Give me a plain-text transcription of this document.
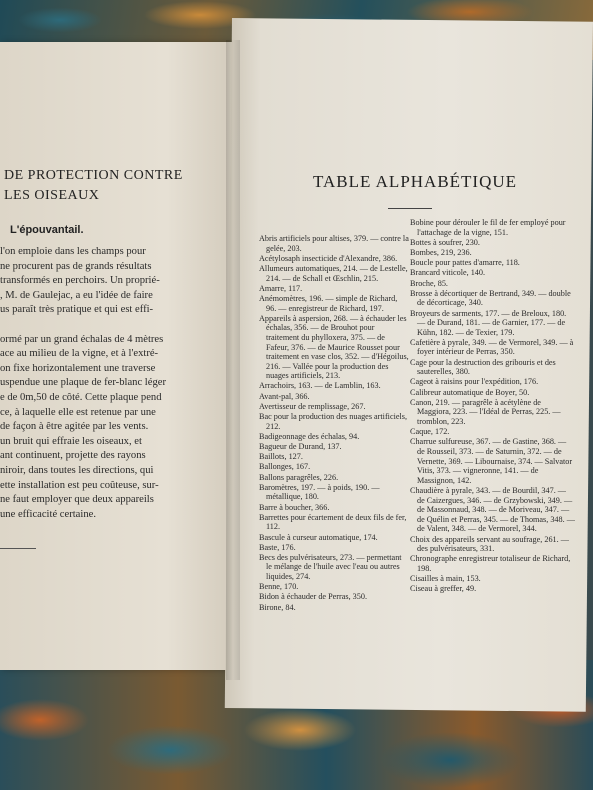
DE PROTECTION CONTRE
LES OISEAUX
L'épouvantail.
l'on emploie dans les champs pour
ne procurent pas de grands résultats
transformés en perchoirs. Un proprié-
, M. de Gaulejac, a eu l'idée de faire
us paraît très pratique et qui est effi-

ormé par un grand échalas de 4 mètres
ace au milieu de la vigne, et à l'extré-
on fixe horizontalement une traverse
uspendue une plaque de fer-blanc léger
e de 0m,50 de côté. Cette plaque pend
ce, à laquelle elle est retenue par une
de façon à être agitée par les vents.
un bruit qui effraie les oiseaux, et
ant continuent, projette des rayons
niroir, dans toutes les directions, qui
ette installation est peu coûteuse, sur-
ne faut employer que deux appareils
une efficacité certaine.
TABLE ALPHABÉTIQUE
Abris artificiels pour altises, 379. — contre la gelée, 203.
Acétylosaph insecticide d'Alexandre, 386.
Allumeurs automatiques, 214. — de Lestelle, 214. — de Schall et Œschlin, 215.
Amarre, 117.
Anémomètres, 196. — simple de Richard, 96. — enregistreur de Richard, 197.
Appareils à aspersion, 268. — à échauder les échalas, 356. — de Brouhot pour traitement du phylloxera, 375. — de Fafeur, 376. — de Maurice Rousset pour traitement en vase clos, 352. — d'Hégoilus, 216. — Vallée pour la production des nuages artificiels, 213.
Arrachoirs, 163. — de Lamblin, 163.
Avant-pal, 366.
Avertisseur de remplissage, 267.
Bac pour la production des nuages artificiels, 212.
Badigeonnage des échalas, 94.
Bagueur de Durand, 137.
Baillots, 127.
Ballonges, 167.
Ballons paragrêles, 226.
Baromètres, 197. — à poids, 190. — métallique, 180.
Barre à boucher, 366.
Barrettes pour écartement de deux fils de fer, 112.
Bascule à curseur automatique, 174.
Baste, 176.
Becs des pulvérisateurs, 273. — permettant le mélange de l'huile avec l'eau ou autres liquides, 274.
Benne, 170.
Bidon à échauder de Perras, 350.
Birone, 84.
Bobine pour dérouler le fil de fer employé pour l'attachage de la vigne, 151.
Bottes à soufrer, 230.
Bombes, 219, 236.
Boucle pour pattes d'amarre, 118.
Brancard viticole, 140.
Broche, 85.
Brosse à décortiquer de Bertrand, 349. — double de décorticage, 340.
Broyeurs de sarments, 177. — de Breloux, 180. — de Durand, 181. — de Garnier, 177. — de Kühn, 182. — de Texier, 179.
Cafetière à pyrale, 349. — de Vermorel, 349. — à foyer intérieur de Perras, 350.
Cage pour la destruction des gribouris et des sauterelles, 380.
Cageot à raisins pour l'expédition, 176.
Calibreur automatique de Boyer, 50.
Canon, 219. — paragrêle à acétylène de Maggiora, 223. — l'Idéal de Perras, 225. — tromblon, 223.
Caque, 172.
Charrue sulfureuse, 367. — de Gastine, 368. — de Rousseil, 373. — de Saturnin, 372. — de Vernette, 369. — Libournaise, 374. — Salvator Vitis, 373. — vigneronne, 141. — de Massignon, 142.
Chaudière à pyrale, 343. — de Bourdil, 347. — de Caizergues, 346. — de Grzybowski, 349. — de Massonnaud, 348. — de Moriveau, 347. — de Quélin et Perras, 345. — de Thomas, 348. — de Valent, 348. — de Vermorel, 344.
Choix des appareils servant au soufrage, 261. — des pulvérisateurs, 331.
Chronographe enregistreur totaliseur de Richard, 198.
Cisailles à main, 153.
Ciseau à greffer, 49.
